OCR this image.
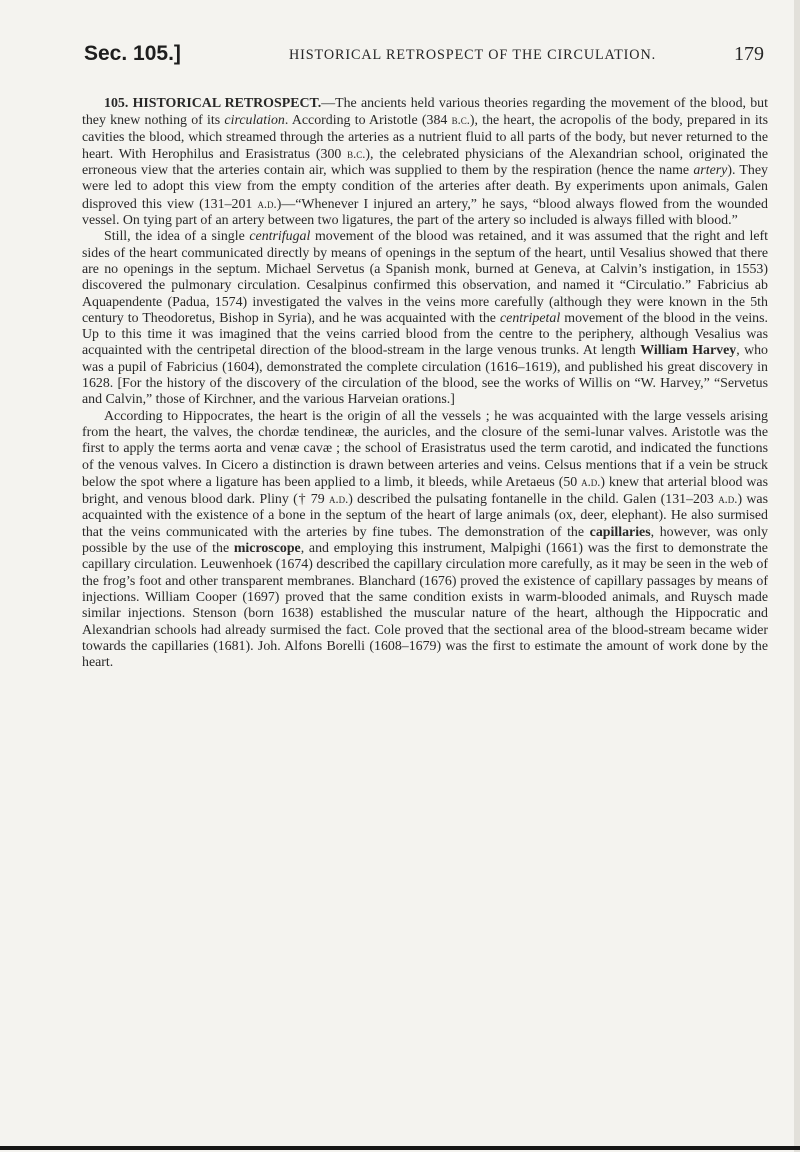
Sec. 105.]	HISTORICAL RETROSPECT OF THE CIRCULATION.	179

105. HISTORICAL RETROSPECT.—The ancients held various theories regarding the movement of the blood, but they knew nothing of its circulation. According to Aristotle (384 b.c.), the heart, the acropolis of the body, prepared in its cavities the blood, which streamed through the arteries as a nutrient fluid to all parts of the body, but never returned to the heart. With Herophilus and Erasistratus (300 b.c.), the celebrated physicians of the Alexandrian school, originated the erroneous view that the arteries contain air, which was supplied to them by the respiration (hence the name artery). They were led to adopt this view from the empty condition of the arteries after death. By experiments upon animals, Galen disproved this view (131–201 a.d.)—“Whenever I injured an artery,” he says, “blood always flowed from the wounded vessel. On tying part of an artery between two ligatures, the part of the artery so included is always filled with blood.”

Still, the idea of a single centrifugal movement of the blood was retained, and it was assumed that the right and left sides of the heart communicated directly by means of openings in the septum of the heart, until Vesalius showed that there are no openings in the septum. Michael Servetus (a Spanish monk, burned at Geneva, at Calvin’s instigation, in 1553) discovered the pulmonary circulation. Cesalpinus confirmed this observation, and named it “Circulatio.” Fabricius ab Aquapendente (Padua, 1574) investigated the valves in the veins more carefully (although they were known in the 5th century to Theodoretus, Bishop in Syria), and he was acquainted with the centripetal movement of the blood in the veins. Up to this time it was imagined that the veins carried blood from the centre to the periphery, although Vesalius was acquainted with the centripetal direction of the blood-stream in the large venous trunks. At length William Harvey, who was a pupil of Fabricius (1604), demonstrated the complete circulation (1616–1619), and published his great discovery in 1628. [For the history of the discovery of the circulation of the blood, see the works of Willis on “W. Harvey,” “Servetus and Calvin,” those of Kirchner, and the various Harveian orations.]

According to Hippocrates, the heart is the origin of all the vessels ; he was acquainted with the large vessels arising from the heart, the valves, the chordæ tendineæ, the auricles, and the closure of the semi-lunar valves. Aristotle was the first to apply the terms aorta and venæ cavæ ; the school of Erasistratus used the term carotid, and indicated the functions of the venous valves. In Cicero a distinction is drawn between arteries and veins. Celsus mentions that if a vein be struck below the spot where a ligature has been applied to a limb, it bleeds, while Aretaeus (50 a.d.) knew that arterial blood was bright, and venous blood dark. Pliny († 79 a.d.) described the pulsating fontanelle in the child. Galen (131–203 a.d.) was acquainted with the existence of a bone in the septum of the heart of large animals (ox, deer, elephant). He also surmised that the veins communicated with the arteries by fine tubes. The demonstration of the capillaries, however, was only possible by the use of the microscope, and employing this instrument, Malpighi (1661) was the first to demonstrate the capillary circulation. Leuwenhoek (1674) described the capillary circulation more carefully, as it may be seen in the web of the frog’s foot and other transparent membranes. Blanchard (1676) proved the existence of capillary passages by means of injections. William Cooper (1697) proved that the same condition exists in warm-blooded animals, and Ruysch made similar injections. Stenson (born 1638) established the muscular nature of the heart, although the Hippocratic and Alexandrian schools had already surmised the fact. Cole proved that the sectional area of the blood-stream became wider towards the capillaries (1681). Joh. Alfons Borelli (1608–1679) was the first to estimate the amount of work done by the heart.
